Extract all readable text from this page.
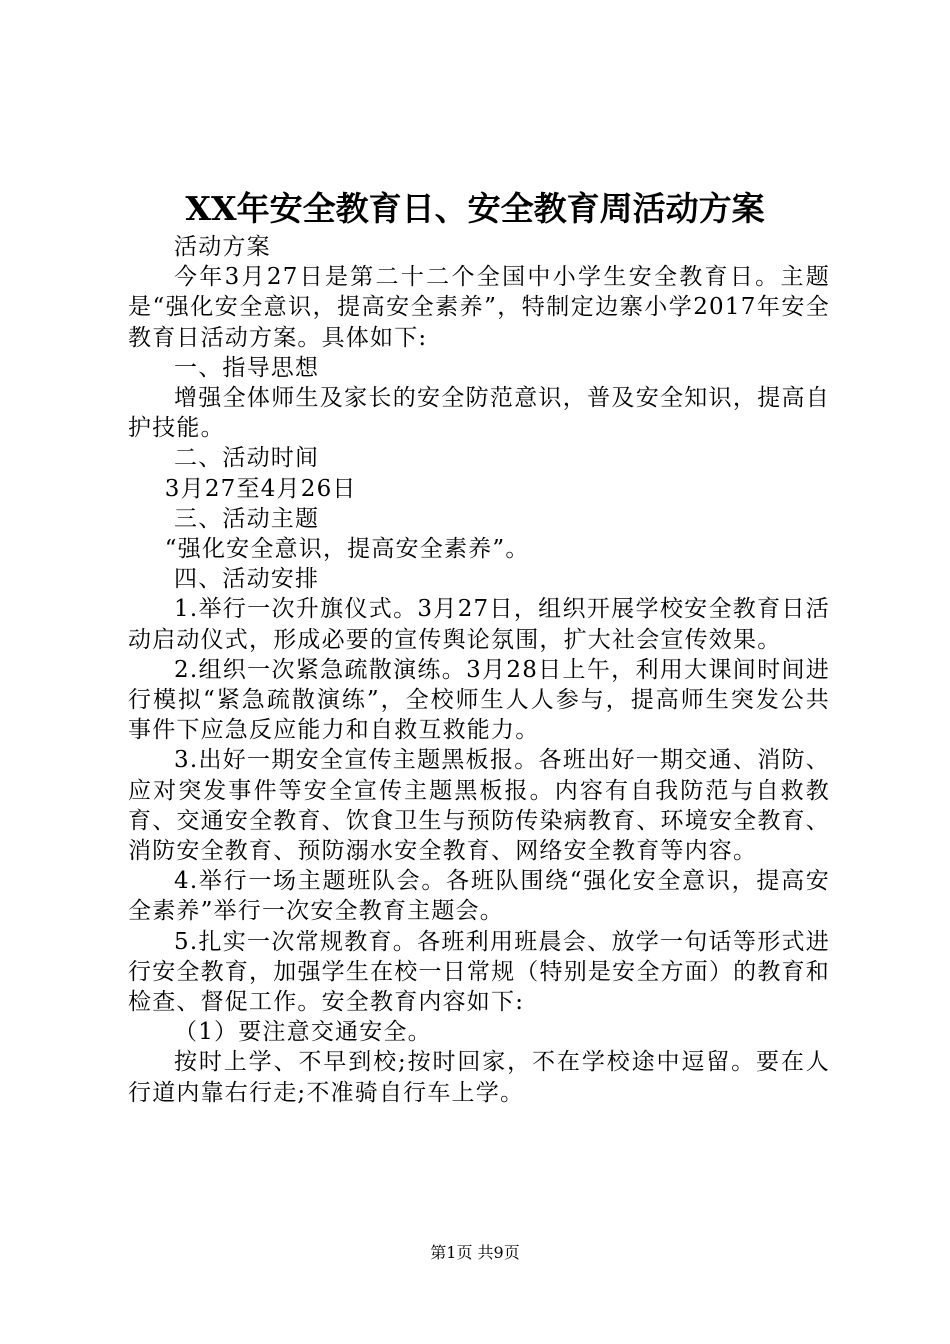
XX年安全教育日、安全教育周活动方案

活动方案

今年3月27日是第二十二个全国中小学生安全教育日。主题是“强化安全意识，提高安全素养”，特制定边寨小学2017年安全教育日活动方案。具体如下:

一、指导思想

增强全体师生及家长的安全防范意识，普及安全知识，提高自护技能。

二、活动时间

3月27至4月26日

三、活动主题

“强化安全意识，提高安全素养”。

四、活动安排

1.举行一次升旗仪式。3月27日，组织开展学校安全教育日活动启动仪式，形成必要的宣传舆论氛围，扩大社会宣传效果。

2.组织一次紧急疏散演练。3月28日上午，利用大课间时间进行模拟“紧急疏散演练”，全校师生人人参与，提高师生突发公共事件下应急反应能力和自救互救能力。

3.出好一期安全宣传主题黑板报。各班出好一期交通、消防、应对突发事件等安全宣传主题黑板报。内容有自我防范与自救教育、交通安全教育、饮食卫生与预防传染病教育、环境安全教育、消防安全教育、预防溺水安全教育、网络安全教育等内容。

4.举行一场主题班队会。各班队围绕“强化安全意识，提高安全素养”举行一次安全教育主题会。

5.扎实一次常规教育。各班利用班晨会、放学一句话等形式进行安全教育，加强学生在校一日常规（特别是安全方面）的教育和检查、督促工作。安全教育内容如下:

（1）要注意交通安全。

按时上学、不早到校;按时回家，不在学校途中逗留。要在人行道内靠右行走;不准骑自行车上学。

第1页 共9页
